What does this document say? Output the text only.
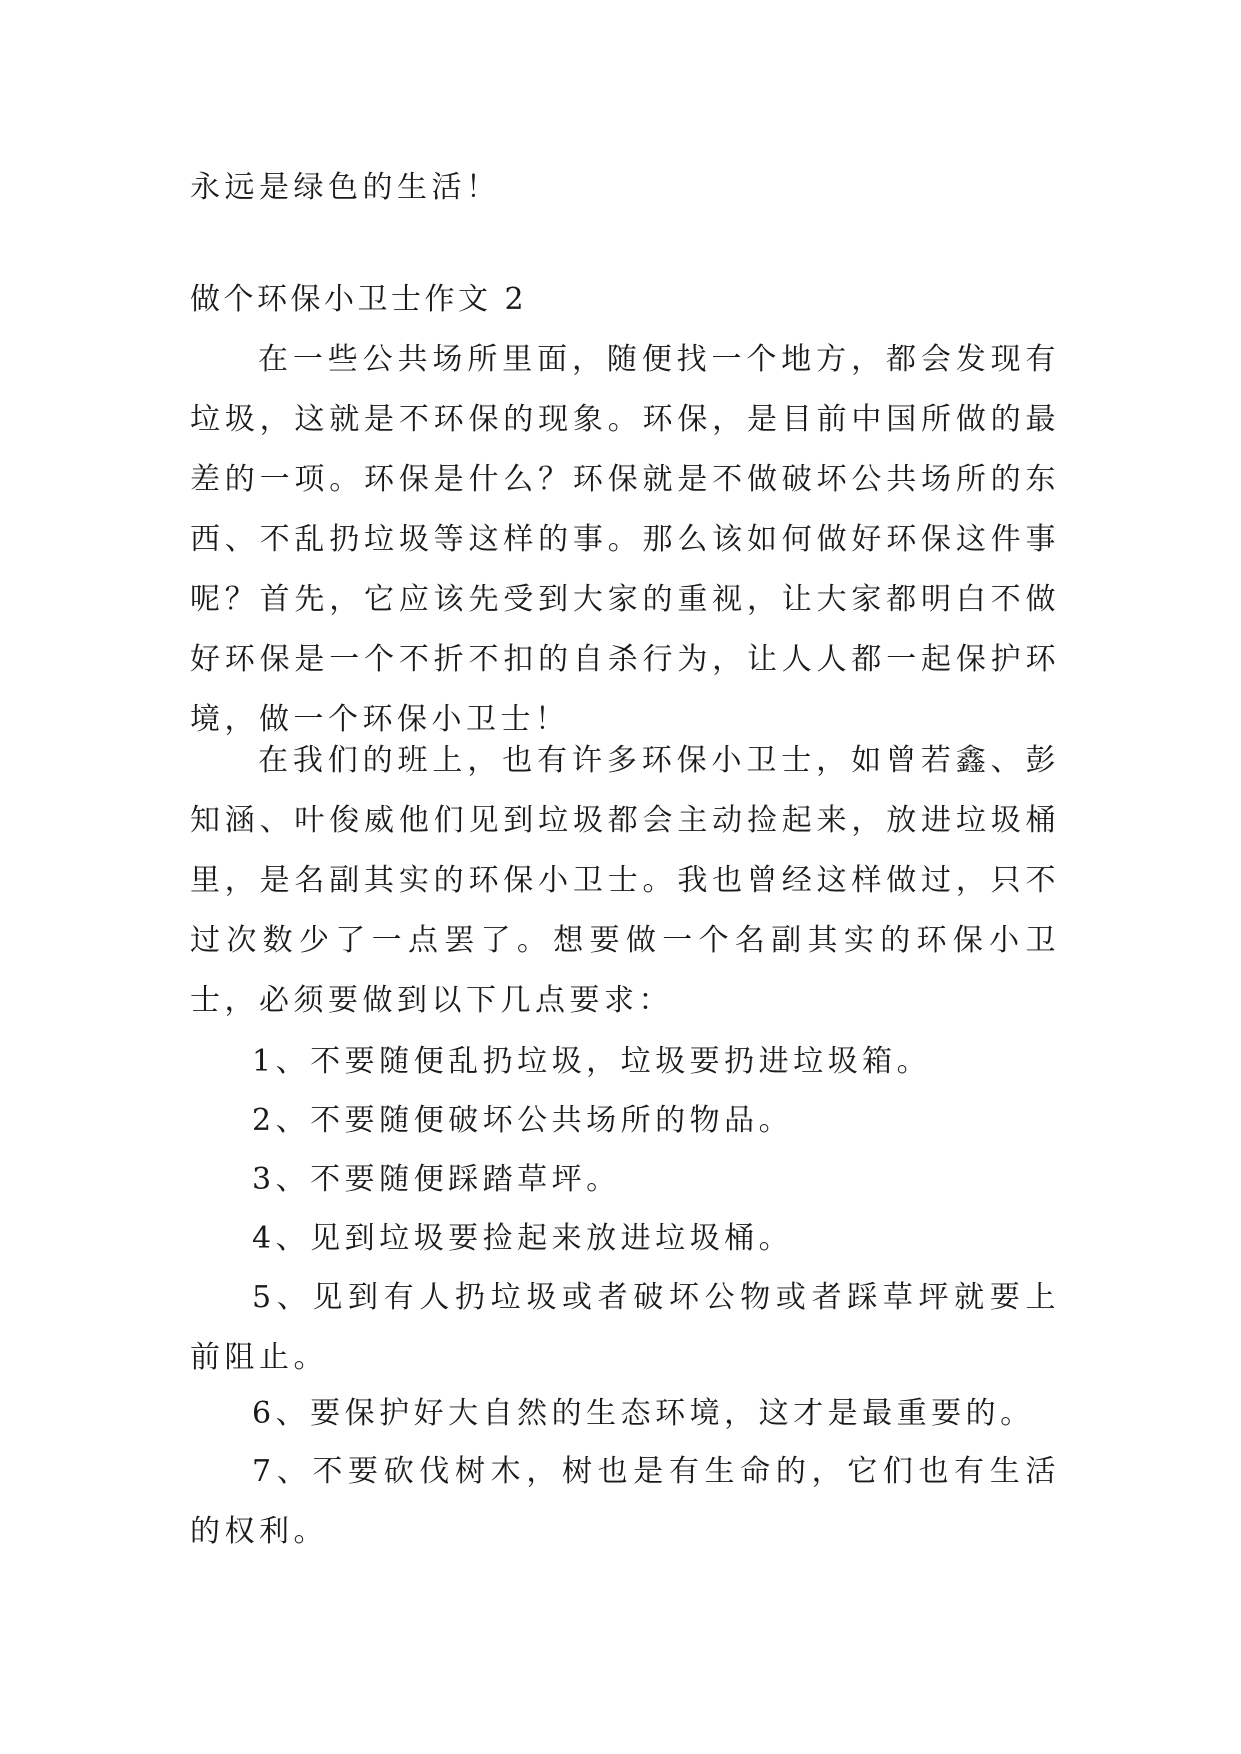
永远是绿色的生活！
做个环保小卫士作文 2
在一些公共场所里面，随便找一个地方，都会发现有垃圾，这就是不环保的现象。环保，是目前中国所做的最差的一项。环保是什么？环保就是不做破坏公共场所的东西、不乱扔垃圾等这样的事。那么该如何做好环保这件事呢？首先，它应该先受到大家的重视，让大家都明白不做好环保是一个不折不扣的自杀行为，让人人都一起保护环境，做一个环保小卫士！
在我们的班上，也有许多环保小卫士，如曾若鑫、彭知涵、叶俊威他们见到垃圾都会主动捡起来，放进垃圾桶里，是名副其实的环保小卫士。我也曾经这样做过，只不过次数少了一点罢了。想要做一个名副其实的环保小卫士，必须要做到以下几点要求：
1、不要随便乱扔垃圾，垃圾要扔进垃圾箱。
2、不要随便破坏公共场所的物品。
3、不要随便踩踏草坪。
4、见到垃圾要捡起来放进垃圾桶。
5、见到有人扔垃圾或者破坏公物或者踩草坪就要上前阻止。
6、要保护好大自然的生态环境，这才是最重要的。
7、不要砍伐树木，树也是有生命的，它们也有生活的权利。
